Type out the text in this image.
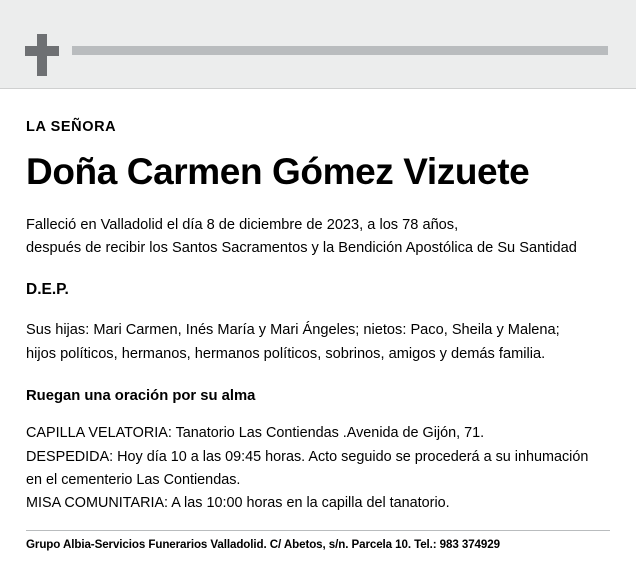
LA SEÑORA
Doña Carmen Gómez Vizuete
Falleció en Valladolid el día 8 de diciembre de 2023, a los 78 años,
después de recibir los Santos Sacramentos y la Bendición Apostólica de Su Santidad
D.E.P.
Sus hijas: Mari Carmen, Inés María y Mari Ángeles; nietos: Paco, Sheila y Malena;
hijos políticos, hermanos, hermanos políticos, sobrinos, amigos y demás familia.
Ruegan una oración por su alma
CAPILLA VELATORIA: Tanatorio Las Contiendas .Avenida de Gijón, 71.
DESPEDIDA: Hoy día 10 a las 09:45 horas. Acto seguido se procederá a su inhumación
en el cementerio Las Contiendas.
MISA COMUNITARIA: A las 10:00 horas en la capilla del tanatorio.
Grupo Albia-Servicios Funerarios Valladolid. C/ Abetos, s/n. Parcela 10. Tel.: 983 374929
